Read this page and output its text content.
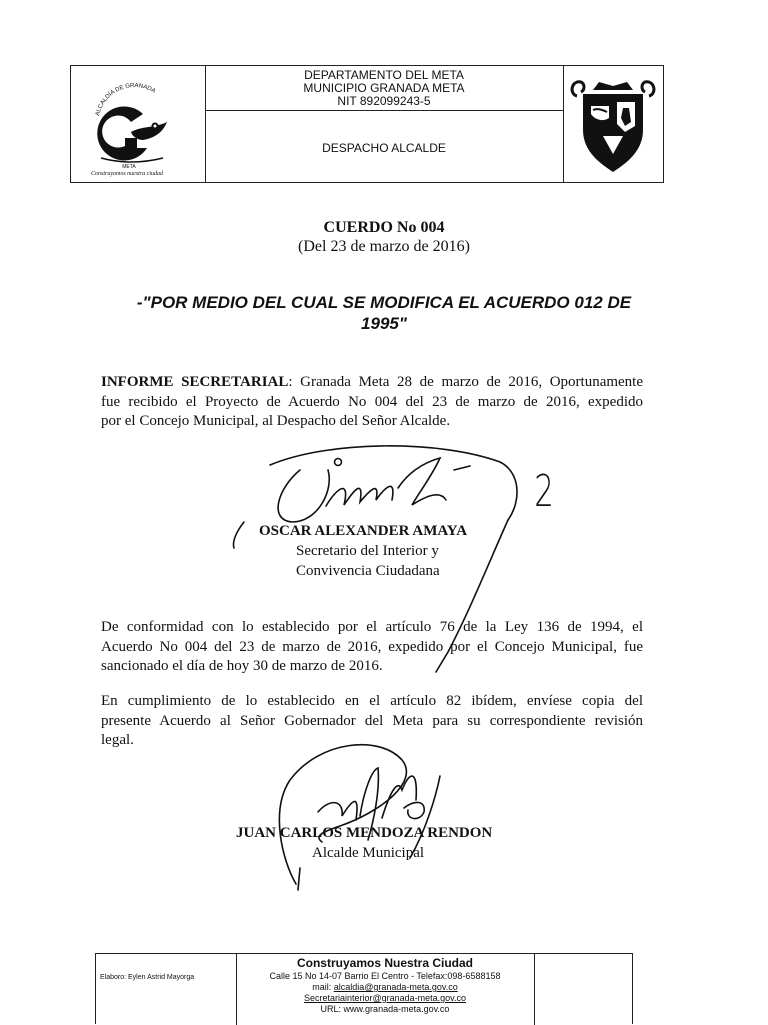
ALCALDÍA DE GRANADA
META
Construyamos nuestra ciudad
DEPARTAMENTO DEL META
MUNICIPIO GRANADA META
NIT 892099243-5
DESPACHO ALCALDE
CUERDO No 004
(Del 23 de marzo de 2016)
-"POR MEDIO DEL CUAL SE MODIFICA EL ACUERDO 012 DE
1995"
INFORME SECRETARIAL: Granada Meta 28 de marzo de 2016, Oportunamente
fue recibido el Proyecto de Acuerdo No 004 del 23 de marzo de 2016, expedido
por el Concejo Municipal, al Despacho del Señor Alcalde.
OSCAR ALEXANDER AMAYA
Secretario del Interior y
Convivencia Ciudadana
2
De conformidad con lo establecido por el artículo 76 de la Ley 136 de 1994, el
Acuerdo No 004 del 23 de marzo de 2016, expedido por el Concejo Municipal, fue
sancionado el día de hoy 30 de marzo de 2016.
En cumplimiento de lo establecido en el artículo 82 ibídem, envíese copia del
presente Acuerdo al Señor Gobernador del Meta para su correspondiente revisión
legal.
JUAN CARLOS MENDOZA RENDON
Alcalde Municipal
Elaboro: Eylen Astrid Mayorga
Construyamos Nuestra Ciudad
Calle 15 No 14-07 Barrio El Centro - Telefax:098-6588158
mail: alcaldia@granada-meta.gov.co
Secretariainterior@granada-meta.gov.co
URL: www.granada-meta.gov.co
